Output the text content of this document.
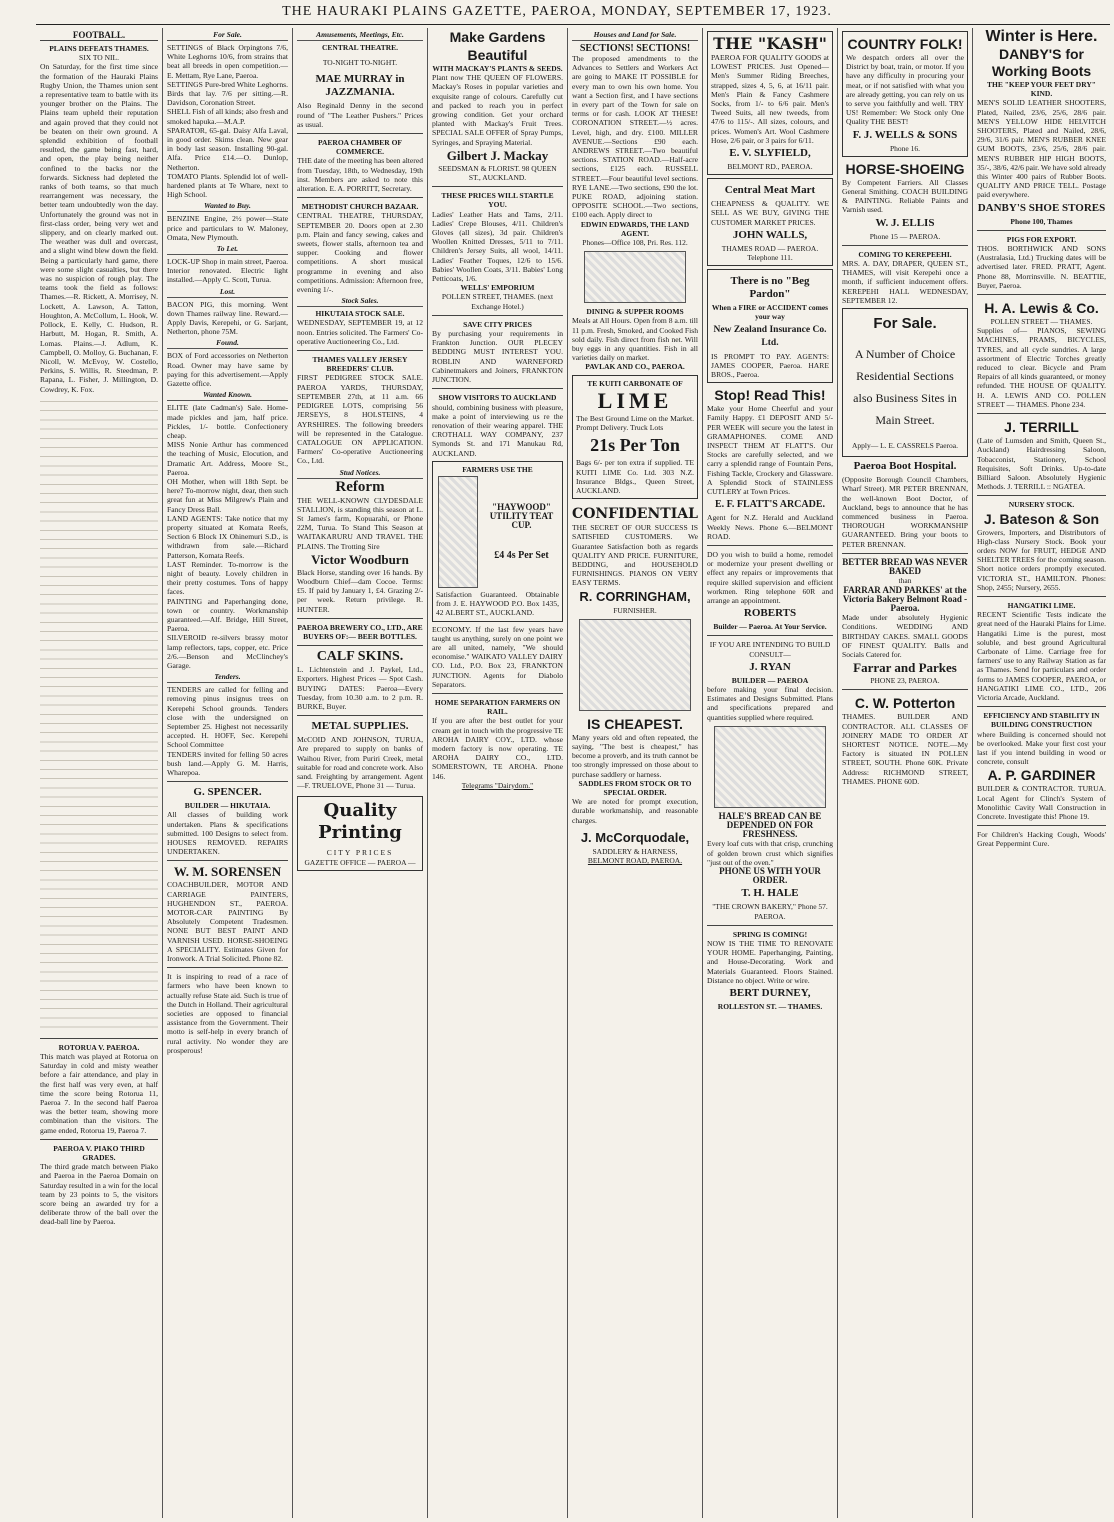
THE HAURAKI PLAINS GAZETTE, PAEROA, MONDAY, SEPTEMBER 17, 1923.
FOOTBALL.
PLAINS DEFEATS THAMES.
SIX TO NIL.

On Saturday, for the first time since the formation of the Hauraki Plains Rugby Union, the Thames union sent a representative team to battle with its younger brother on the Plains. The Plains team upheld their reputation and again proved that they could not be beaten on their own ground. A splendid exhibition of football resulted, the game being fast, hard, and open, the play being neither confined to the backs nor the forwards. Sickness had depleted the ranks of both teams, so that much rearrangement was necessary, the better team undoubtedly won the day. Unfortunately the ground was not in first-class order, being very wet and slippery, and on clearly marked out. The weather was dull and overcast, and a slight wind blew down the field. Being a particularly hard game, there were some slight casualties, but there was no suspicion of rough play. The teams took the field as follows: Thames.—R. Rickett, A. Morrisey, N. Lockett, A. Lawson, A. Tatton, Houghton, A. McCollum, L. Hook, W. Pollock, E. Kelly, C. Hudson, R. Harbutt, M. Hogan, R. Smith, A. Lomas. Plains.—J. Adlum, K. Campbell, O. Molloy, G. Buchanan, F. Nicoll, W. McEvoy, W. Costello, Perkins, S. Willis, R. Steedman, P. Rapana, L. Fisher, J. Millington, D. Cowdrey, K. Fox.

ROTORUA V. PAEROA.

This match was played at Rotorua on Saturday in cold and misty weather before a fair attendance, and play in the first half was very even, at half time the score being Rotorua 11, Paeroa 7. In the second half Paeroa was the better team, showing more combination than the visitors. The game ended, Rotorua 19, Paeroa 7.

PAEROA V. PIAKO THIRD GRADES.

The third grade match between Piako and Paeroa in the Paeroa Domain on Saturday resulted in a win for the local team by 23 points to 5, the visitors score being an awarded try for a deliberate throw of the ball over the dead-ball line by Paeroa.

For Sale.

SETTINGS of Black Orpingtons 7/6, White Leghorns 10/6, from strains that beat all breeds in open competition.—E. Mettam, Rye Lane, Paeroa.

SETTINGS Pure-bred White Leghorns. Birds that lay. 7/6 per sitting.—R. Davidson, Coronation Street.

SHELL Fish of all kinds; also fresh and smoked hapuka.—M.A.P.

SPARATOR, 65-gal. Daisy Alfa Laval, in good order. Skims clean. New gear in body last season. Installing 90-gal. Alfa. Price £14.—O. Dunlop, Netherton.

TOMATO Plants. Splendid lot of well-hardened plants at Te Whare, next to High School.

Wanted to Buy.

BENZINE Engine, 2½ power—State price and particulars to W. Maloney, Omata, New Plymouth.

To Let.

LOCK-UP Shop in main street, Paeroa. Interior renovated. Electric light installed.—Apply C. Scott, Turua.

Lost.

BACON PIG, this morning. Went down Thames railway line. Reward.—Apply Davis, Kerepehi, or G. Sarjant, Netherton, phone 75M.

Found.

BOX of Ford accessories on Netherton Road. Owner may have same by paying for this advertisement.—Apply Gazette office.

Wanted Known.

ELITE (late Cadman's) Sale. Home-made pickles and jam, half price. Pickles, 1/- bottle. Confectionery cheap.

MISS Nonie Arthur has commenced the teaching of Music, Elocution, and Dramatic Art. Address, Moore St., Paeroa.

OH Mother, when will 18th Sept. be here? To-morrow night, dear, then such great fun at Miss Milgrew's Plain and Fancy Dress Ball.

LAND AGENTS: Take notice that my property situated at Komata Reefs, Section 6 Block IX Ohinemuri S.D., is withdrawn from sale.—Richard Patterson, Komata Reefs.

LAST Reminder. To-morrow is the night of beauty. Lovely children in their pretty costumes. Tons of happy faces.

PAINTING and Paperhanging done, town or country. Workmanship guaranteed.—Alf. Bridge, Hill Street, Paeroa.

SILVEROID re-silvers brassy motor lamp reflectors, taps, copper, etc. Price 2/6.—Benson and McClinchey's Garage.

Tenders.

TENDERS are called for felling and removing pinus insignus trees on Kerepehi School grounds. Tenders close with the undersigned on September 25. Highest not necessarily accepted. H. HOFF, Sec. Kerepehi School Committee

TENDERS invited for felling 50 acres bush land.—Apply G. M. Harris, Wharepoa.

G. SPENCER.
BUILDER — HIKUTAIA.

All classes of building work undertaken. Plans & specifications submitted. 100 Designs to select from. HOUSES REMOVED. REPAIRS UNDERTAKEN.

W. M. SORENSEN

COACHBUILDER, MOTOR AND CARRIAGE PAINTERS, HUGHENDON ST., PAEROA. MOTOR-CAR PAINTING By Absolutely Competent Tradesmen. NONE BUT BEST PAINT AND VARNISH USED. HORSE-SHOEING A SPECIALITY. Estimates Given for Ironwork. A Trial Solicited. Phone 82.

It is inspiring to read of a race of farmers who have been known to actually refuse State aid. Such is true of the Dutch in Holland. Their agricultural societies are opposed to financial assistance from the Government. Their motto is self-help in every branch of rural activity. No wonder they are prosperous!

Amusements, Meetings, Etc.
CENTRAL THEATRE.
TO-NIGHT TO-NIGHT.
MAE MURRAY in JAZZMANIA.

Also Reginald Denny in the second round of "The Leather Pushers." Prices as usual.

PAEROA CHAMBER OF COMMERCE.

THE date of the meeting has been altered from Tuesday, 18th, to Wednesday, 19th inst. Members are asked to note this alteration. E. A. PORRITT, Secretary.

METHODIST CHURCH BAZAAR.

CENTRAL THEATRE, THURSDAY, SEPTEMBER 20. Doors open at 2.30 p.m. Plain and fancy sewing, cakes and sweets, flower stalls, afternoon tea and supper. Cooking and flower competitions. A short musical programme in evening and also competitions. Admission: Afternoon free, evening 1/-.

Stock Sales.
HIKUTAIA STOCK SALE.

WEDNESDAY, SEPTEMBER 19, at 12 noon. Entries solicited. The Farmers' Co-operative Auctioneering Co., Ltd.

THAMES VALLEY JERSEY BREEDERS' CLUB.

FIRST PEDIGREE STOCK SALE. PAEROA YARDS, THURSDAY, SEPTEMBER 27th, at 11 a.m. 66 PEDIGREE LOTS, comprising 56 JERSEYS, 8 HOLSTEINS, 4 AYRSHIRES. The following breeders will be represented in the Catalogue. CATALOGUE ON APPLICATION. Farmers' Co-operative Auctioneering Co., Ltd.

Stud Notices.
Reform

THE WELL-KNOWN CLYDESDALE STALLION, is standing this season at L. St James's farm, Kopuarahi, or Phone 22M, Turua. To Stand This Season at WAITAKARURU AND TRAVEL THE PLAINS. The Trotting Sire

Victor Woodburn

Black Horse, standing over 16 hands. By Woodburn Chief—dam Cocoe. Terms: £5. If paid by January 1, £4. Grazing 2/- per week. Return privilege. R. HUNTER.

PAEROA BREWERY CO., LTD., ARE BUYERS OF:— BEER BOTTLES.
CALF SKINS.

L. Lichtenstein and J. Paykel, Ltd., Exporters. Highest Prices — Spot Cash. BUYING DATES: Paeroa—Every Tuesday, from 10.30 a.m. to 2 p.m. R. BURKE, Buyer.

METAL SUPPLIES.

McCOID AND JOHNSON, TURUA, Are prepared to supply on banks of Waihou River, from Puriri Creek, metal suitable for road and concrete work. Also sand. Freighting by arrangement. Agent—F. TRUELOVE, Phone 31 — Turua.

Quality Printing
CITY PRICES
GAZETTE OFFICE — PAEROA —
Make Gardens Beautiful
WITH MACKAY'S PLANTS & SEEDS.

Plant now THE QUEEN OF FLOWERS. Mackay's Roses in popular varieties and exquisite range of colours. Carefully cut and packed to reach you in perfect growing condition. Get your orchard planted with Mackay's Fruit Trees. SPECIAL SALE OFFER of Spray Pumps, Syringes, and Spraying Material.

Gilbert J. Mackay
SEEDSMAN & FLORIST. 98 QUEEN ST., AUCKLAND.
THESE PRICES WILL STARTLE YOU.

Ladies' Leather Hats and Tams, 2/11. Ladies' Crepe Blouses, 4/11. Children's Gloves (all sizes), 3d pair. Children's Woollen Knitted Dresses, 5/11 to 7/11. Children's Jersey Suits, all wool, 14/11. Ladies' Feather Toques, 12/6 to 15/6. Babies' Woollen Coats, 3/11. Babies' Long Petticoats, 1/6.

WELLS' EMPORIUM
POLLEN STREET, THAMES. (next Exchange Hotel.)
SAVE CITY PRICES

By purchasing your requirements in Frankton Junction. OUR PLECEY BEDDING MUST INTEREST YOU. ROBLIN AND WARNEFORD Cabinetmakers and Joiners, FRANKTON JUNCTION.

SHOW VISITORS TO AUCKLAND

should, combining business with pleasure, make a point of interviewing us re the renovation of their wearing apparel. THE CROTHALL WAY COMPANY, 237 Symonds St. and 171 Manukau Rd, AUCKLAND.

FARMERS USE THE
"HAYWOOD" UTILITY TEAT CUP.
£4 4s Per Set

Satisfaction Guaranteed. Obtainable from J. E. HAYWOOD P.O. Box 1435, 42 ALBERT ST., AUCKLAND.

ECONOMY. If the last few years have taught us anything, surely on one point we are all united, namely, "We should economise." WAIKATO VALLEY DAIRY CO. Ltd., P.O. Box 23, FRANKTON JUNCTION. Agents for Diabolo Separators.

HOME SEPARATION FARMERS ON RAIL.

If you are after the best outlet for your cream get in touch with the progressive TE AROHA DAIRY COY., LTD. whose modern factory is now operating. TE AROHA DAIRY CO., LTD. SOMERSTOWN, TE AROHA. Phone 146.

Telegrams "Dairydom."
Houses and Land for Sale.
SECTIONS! SECTIONS!

The proposed amendments to the Advances to Settlers and Workers Act are going to MAKE IT POSSIBLE for every man to own his own home. You want a Section first, and I have sections in every part of the Town for sale on terms or for cash. LOOK AT THESE! CORONATION STREET.—½ acres. Level, high, and dry. £100. MILLER AVENUE.—Sections £90 each. ANDREWS STREET.—Two beautiful sections. STATION ROAD.—Half-acre sections, £125 each. RUSSELL STREET.—Four beautiful level sections. RYE LANE.—Two sections, £90 the lot. PUKE ROAD, adjoining station. OPPOSITE SCHOOL.—Two sections, £100 each. Apply direct to

EDWIN EDWARDS, THE LAND AGENT.
Phones—Office 108, Pri. Res. 112.
DINING & SUPPER ROOMS

Meals at All Hours. Open from 8 a.m. till 11 p.m. Fresh, Smoked, and Cooked Fish sold daily. Fish direct from fish net. Will buy eggs in any quantities. Fish in all varieties daily on market.

PAVLAK AND CO., PAEROA.
TE KUITI CARBONATE OF
LIME

The Best Ground Lime on the Market. Prompt Delivery. Truck Lots

21s Per Ton

Bags 6/- per ton extra if supplied. TE KUITI LIME Co. Ltd. 303 N.Z. Insurance Bldgs., Queen Street, AUCKLAND.

CONFIDENTIAL

THE SECRET OF OUR SUCCESS IS SATISFIED CUSTOMERS. We Guarantee Satisfaction both as regards QUALITY AND PRICE. FURNITURE, BEDDING, and HOUSEHOLD FURNISHINGS. PIANOS ON VERY EASY TERMS.

R. CORRINGHAM,
FURNISHER.
IS CHEAPEST.

Many years old and often repeated, the saying, "The best is cheapest," has become a proverb, and its truth cannot be too strongly impressed on those about to purchase saddlery or harness.

SADDLES FROM STOCK OR TO SPECIAL ORDER.

We are noted for prompt execution, durable workmanship, and reasonable charges.

J. McCorquodale,
SADDLERY & HARNESS,
BELMONT ROAD, PAEROA.
THE "KASH"

PAEROA FOR QUALITY GOODS at LOWEST PRICES. Just Opened— Men's Summer Riding Breeches, strapped, sizes 4, 5, 6, at 16/11 pair. Men's Plain & Fancy Cashmere Socks, from 1/- to 6/6 pair. Men's Tweed Suits, all new tweeds, from 47/6 to 115/-. All sizes, colours, and prices. Women's Art. Wool Cashmere Hose, 2/6 pair, or 3 pairs for 6/11.

E. V. SLYFIELD,
BELMONT RD., PAEROA.
Central Meat Mart

CHEAPNESS & QUALITY. WE SELL AS WE BUY, GIVING THE CUSTOMER MARKET PRICES.

JOHN WALLS,
THAMES ROAD — PAEROA. Telephone 111.
There is no "Beg Pardon"
When a FIRE or ACCIDENT comes your way
New Zealand Insurance Co. Ltd.

IS PROMPT TO PAY. AGENTS: JAMES COOPER, Paeroa. HARE BROS., Paeroa.

Stop! Read This!

Make your Home Cheerful and your Family Happy. £1 DEPOSIT AND 5/- PER WEEK will secure you the latest in GRAMAPHONES. COME AND INSPECT THEM AT FLATT'S. Our Stocks are carefully selected, and we carry a splendid range of Fountain Pens, Fishing Tackle, Crockery and Glassware. A Splendid Stock of STAINLESS CUTLERY at Town Prices.

E. F. FLATT'S ARCADE.

Agent for N.Z. Herald and Auckland Weekly News. Phone 6.—BELMONT ROAD.

DO you wish to build a home, remodel or modernize your present dwelling or effect any repairs or improvements that require skilled supervision and efficient workmen. Ring telephone 60R and arrange an appointment.

ROBERTS
Builder — Paeroa. At Your Service.
IF YOU ARE INTENDING TO BUILD CONSULT—
J. RYAN
BUILDER — PAEROA

before making your final decision. Estimates and Designs Submitted. Plans and specifications prepared and quantities supplied where required.

HALE'S BREAD CAN BE DEPENDED ON FOR FRESHNESS.

Every loaf cuts with that crisp, crunching of golden brown crust which signifies "just out of the oven."

PHONE US WITH YOUR ORDER.
T. H. HALE
"THE CROWN BAKERY," Phone 57. PAEROA.
SPRING IS COMING!

NOW IS THE TIME TO RENOVATE YOUR HOME. Paperhanging, Painting, and House-Decorating. Work and Materials Guaranteed. Floors Stained. Distance no object. Write or wire.

BERT DURNEY,
ROLLESTON ST. — THAMES.
COUNTRY FOLK!

We despatch orders all over the District by boat, train, or motor. If you have any difficulty in procuring your meat, or if not satisfied with what you are already getting, you can rely on us to serve you faithfully and well. TRY US! Remember: We Stock only One Quality THE BEST!

F. J. WELLS & SONS
Phone 16.
HORSE-SHOEING

By Competent Farriers. All Classes General Smithing. COACH BUILDING & PAINTING. Reliable Paints and Varnish used.

W. J. ELLIS
Phone 15 — PAEROA.
COMING TO KEREPEEHI.

MRS. A. DAY, DRAPER, QUEEN ST., THAMES, will visit Kerepehi once a month, if sufficient inducement offers. KEREPEHI HALL WEDNESDAY, SEPTEMBER 12.

For Sale.
A Number of Choice Residential Sections also Business Sites in Main Street.
Apply— L. E. CASSRELS Paeroa.
Paeroa Boot Hospital.

(Opposite Borough Council Chambers, Wharf Street). MR PETER BRENNAN, the well-known Boot Doctor, of Auckland, begs to announce that he has commenced business in Paeroa. THOROUGH WORKMANSHIP GUARANTEED. Bring your boots to PETER BRENNAN.

BETTER BREAD WAS NEVER BAKED
than
FARRAR AND PARKES' at the Victoria Bakery Belmont Road - Paeroa.

Made under absolutely Hygienic Conditions. WEDDING AND BIRTHDAY CAKES. SMALL GOODS OF FINEST QUALITY. Balls and Socials Catered for.

Farrar and Parkes
PHONE 23, PAEROA.
C. W. Potterton

THAMES. BUILDER AND CONTRACTOR. ALL CLASSES OF JOINERY MADE TO ORDER AT SHORTEST NOTICE. NOTE.—My Factory is situated IN POLLEN STREET, SOUTH. Phone 60K. Private Address: RICHMOND STREET, THAMES. PHONE 60D.

Winter is Here.
DANBY'S for Working Boots
THE "KEEP YOUR FEET DRY" KIND.

MEN'S SOLID LEATHER SHOOTERS, Plated, Nailed, 23/6, 25/6, 28/6 pair. MEN'S YELLOW HIDE HELVITCH SHOOTERS, Plated and Nailed, 28/6, 29/6, 31/6 pair. MEN'S RUBBER KNEE GUM BOOTS, 23/6, 25/6, 28/6 pair. MEN'S RUBBER HIP HIGH BOOTS, 35/-, 38/6, 42/6 pair. We have sold already this Winter 400 pairs of Rubber Boots. QUALITY AND PRICE TELL. Postage paid everywhere.

DANBY'S SHOE STORES
Phone 100, Thames
PIGS FOR EXPORT.

THOS. BORTHWICK AND SONS (Australasia, Ltd.) Trucking dates will be advertised later. FRED. PRATT, Agent. Phone 88, Morrinsville. N. BEATTIE, Buyer, Paeroa.

H. A. Lewis & Co.
POLLEN STREET — THAMES.

Supplies of— PIANOS, SEWING MACHINES, PRAMS, BICYCLES, TYRES, and all cycle sundries. A large assortment of Electric Torches greatly reduced to clear. Bicycle and Pram Repairs of all kinds guaranteed, or money refunded. THE HOUSE OF QUALITY. H. A. LEWIS AND CO. POLLEN STREET — THAMES. Phone 234.

J. TERRILL

(Late of Lumsden and Smith, Queen St., Auckland) Hairdressing Saloon, Tobacconist, Stationery, School Requisites, Soft Drinks. Up-to-date Billiard Saloon. Absolutely Hygienic Methods. J. TERRILL :: NGATEA.

NURSERY STOCK.
J. Bateson & Son

Growers, Importers, and Distributors of High-class Nursery Stock. Book your orders NOW for FRUIT, HEDGE AND SHELTER TREES for the coming season. Short notice orders promptly executed. VICTORIA ST., HAMILTON. Phones: Shop, 2455; Nursery, 2655.

HANGATIKI LIME.

RECENT Scientific Tests indicate the great need of the Hauraki Plains for Lime. Hangatiki Lime is the purest, most soluble, and best ground Agricultural Carbonate of Lime. Carriage free for farmers' use to any Railway Station as far as Thames. Send for particulars and order forms to JAMES COOPER, PAEROA, or HANGATIKI LIME CO., LTD., 206 Victoria Arcade, Auckland.

EFFICIENCY AND STABILITY IN BUILDING CONSTRUCTION

where Building is concerned should not be overlooked. Make your first cost your last if you intend building in wood or concrete, consult

A. P. GARDINER

BUILDER & CONTRACTOR. TURUA. Local Agent for Clinch's System of Monolithic Cavity Wall Construction in Concrete. Investigate this! Phone 19.

For Children's Hacking Cough, Woods' Great Peppermint Cure.
